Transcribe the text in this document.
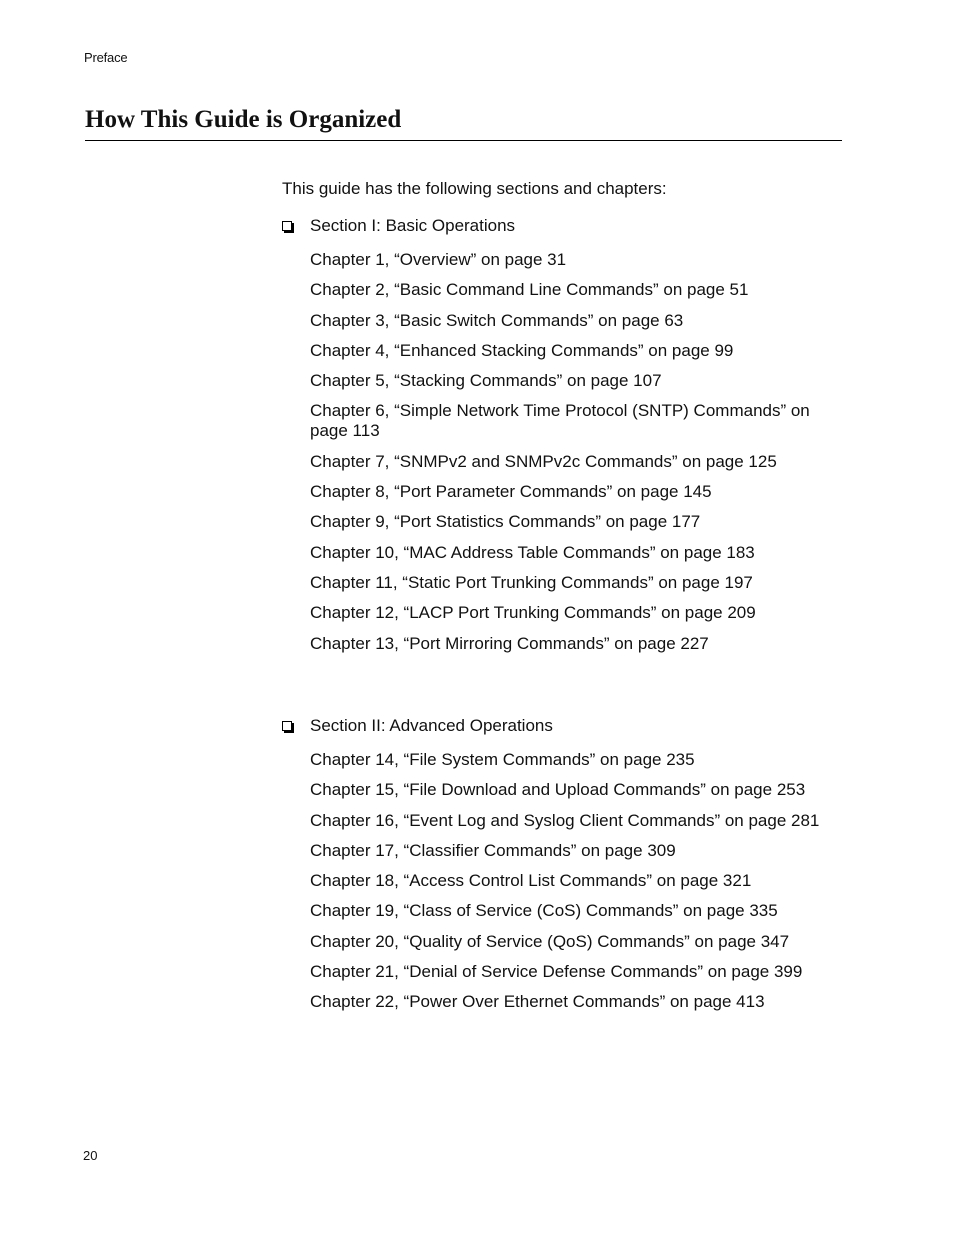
Preface
How This Guide is Organized
This guide has the following sections and chapters:
Section I: Basic Operations
Chapter 1, “Overview” on page 31
Chapter 2, “Basic Command Line Commands” on page 51
Chapter 3, “Basic Switch Commands” on page 63
Chapter 4, “Enhanced Stacking Commands” on page 99
Chapter 5, “Stacking Commands” on page 107
Chapter 6, “Simple Network Time Protocol (SNTP) Commands” on page 113
Chapter 7, “SNMPv2 and SNMPv2c Commands” on page 125
Chapter 8, “Port Parameter Commands” on page 145
Chapter 9, “Port Statistics Commands” on page 177
Chapter 10, “MAC Address Table Commands” on page 183
Chapter 11, “Static Port Trunking Commands” on page 197
Chapter 12, “LACP Port Trunking Commands” on page 209
Chapter 13, “Port Mirroring Commands” on page 227
Section II: Advanced Operations
Chapter 14, “File System Commands” on page 235
Chapter 15, “File Download and Upload Commands” on page 253
Chapter 16, “Event Log and Syslog Client Commands” on page 281
Chapter 17, “Classifier Commands” on page 309
Chapter 18, “Access Control List Commands” on page 321
Chapter 19, “Class of Service (CoS) Commands” on page 335
Chapter 20, “Quality of Service (QoS) Commands” on page 347
Chapter 21, “Denial of Service Defense Commands” on page 399
Chapter 22, “Power Over Ethernet Commands” on page 413
20
